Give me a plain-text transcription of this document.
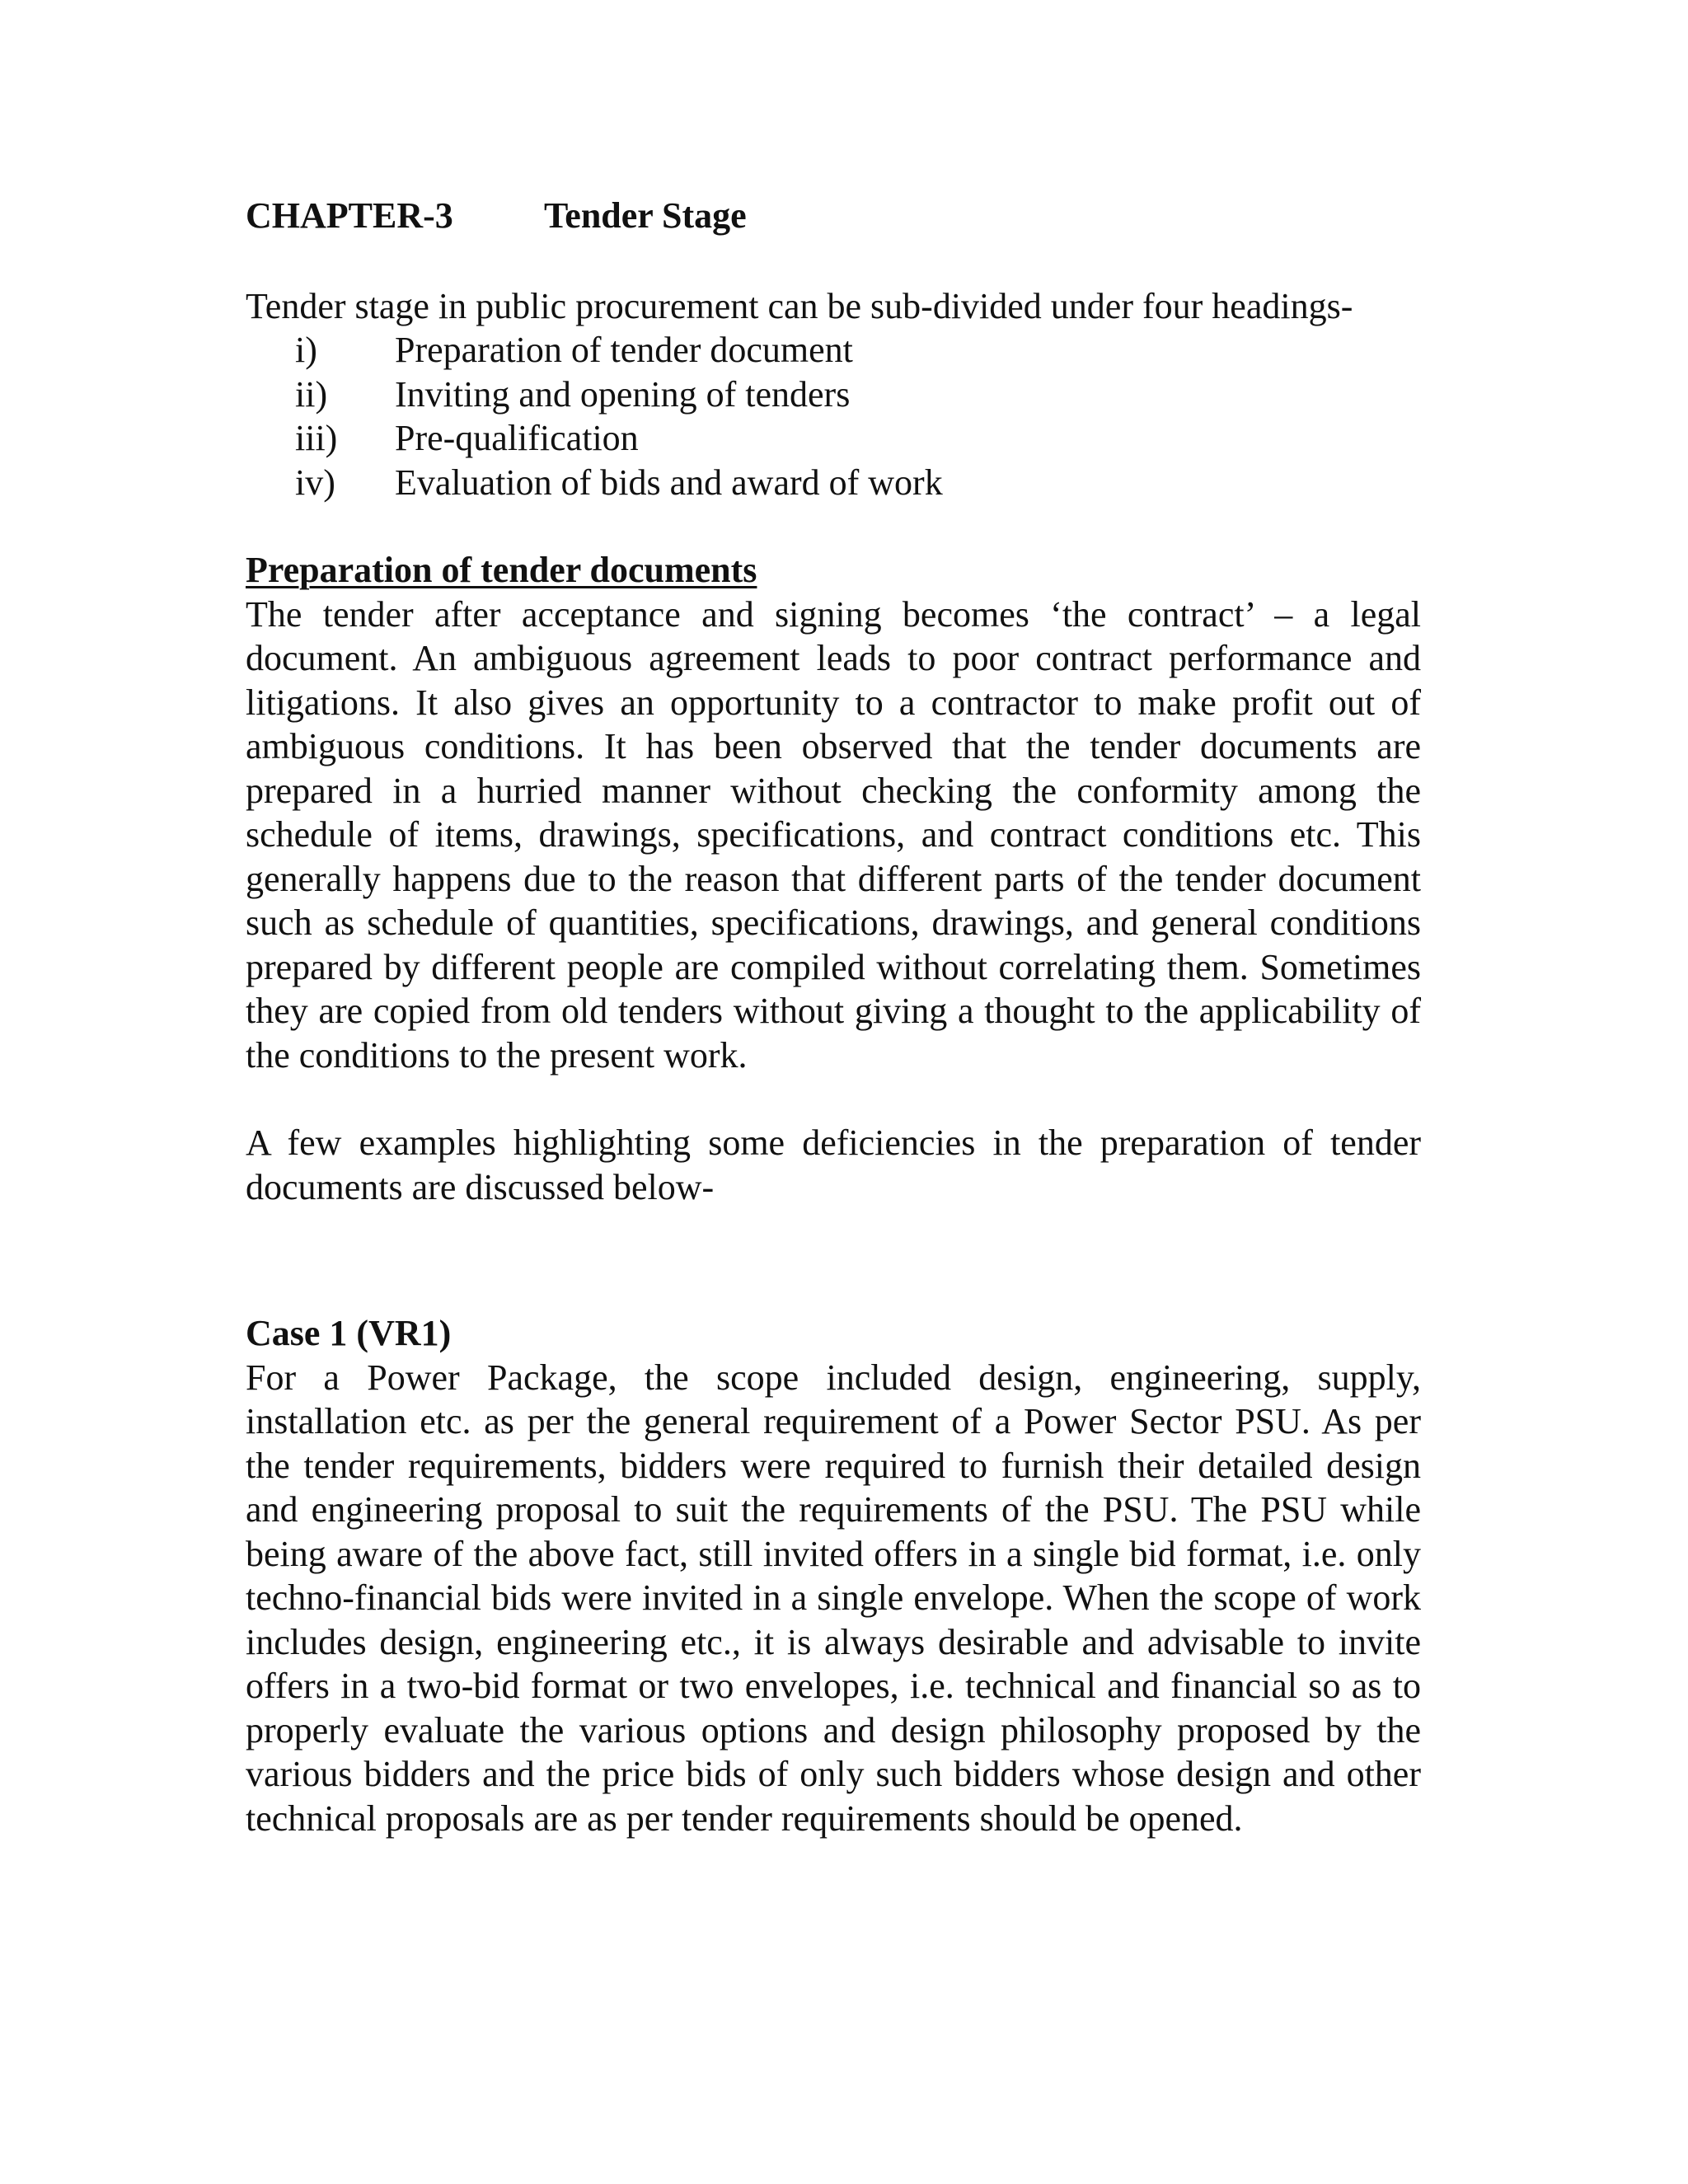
CHAPTER-3	Tender Stage

Tender stage in public procurement can be sub-divided under four headings-

i) Preparation of tender document
ii) Inviting and opening of tenders
iii) Pre-qualification
iv) Evaluation of bids and award of work
Preparation of tender documents

The tender after acceptance and signing becomes ‘the contract’ – a legal document. An ambiguous agreement leads to poor contract performance and litigations. It also gives an opportunity to a contractor to make profit out of ambiguous conditions. It has been observed that the tender documents are prepared in a hurried manner without checking the conformity among the schedule of items, drawings, specifications, and contract conditions etc. This generally happens due to the reason that different parts of the tender document such as schedule of quantities, specifications, drawings, and general conditions prepared by different people are compiled without correlating them. Sometimes they are copied from old tenders without giving a thought to the applicability of the conditions to the present work.

A few examples highlighting some deficiencies in the preparation of tender documents are discussed below-

Case 1 (VR1)

For a Power Package, the scope included design, engineering, supply, installation etc. as per the general requirement of a Power Sector PSU. As per the tender requirements, bidders were required to furnish their detailed design and engineering proposal to suit the requirements of the PSU. The PSU while being aware of the above fact, still invited offers in a single bid format, i.e. only techno-financial bids were invited in a single envelope. When the scope of work includes design, engineering etc., it is always desirable and advisable to invite offers in a two-bid format or two envelopes, i.e. technical and financial so as to properly evaluate the various options and design philosophy proposed by the various bidders and the price bids of only such bidders whose design and other technical proposals are as per tender requirements should be opened.
